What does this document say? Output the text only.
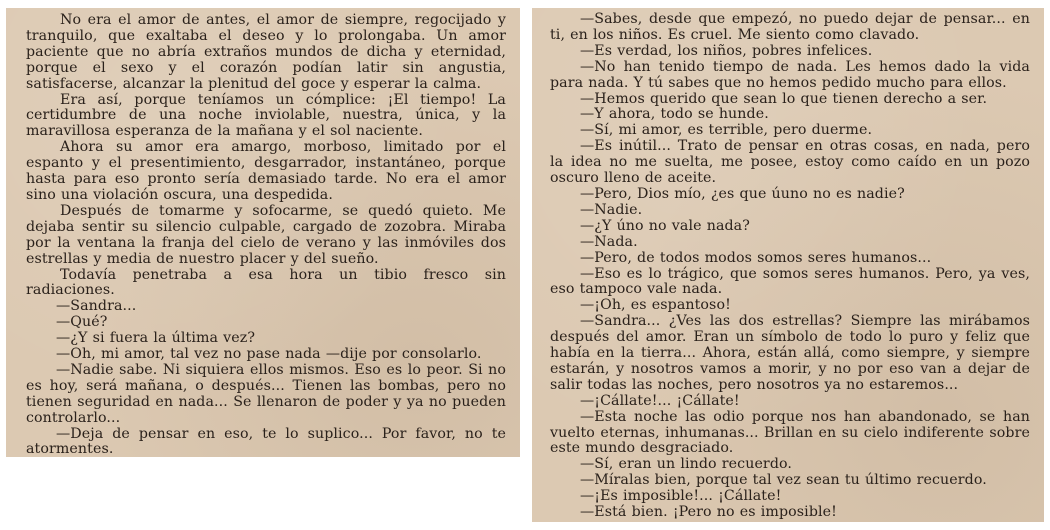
No era el amor de antes, el amor de siempre, regocijado y tranquilo, que exaltaba el deseo y lo prolongaba. Un amor paciente que no abría extraños mundos de dicha y eternidad, porque el sexo y el corazón podían latir sin angustia, satisfacerse, alcanzar la plenitud del goce y esperar la calma.

Era así, porque teníamos un cómplice: ¡El tiempo! La certidumbre de una noche inviolable, nuestra, única, y la maravillosa esperanza de la mañana y el sol naciente.

Ahora su amor era amargo, morboso, limitado por el espanto y el presentimiento, desgarrador, instantáneo, porque hasta para eso pronto sería demasiado tarde. No era el amor sino una violación oscura, una despedida.

Después de tomarme y sofocarme, se quedó quieto. Me dejaba sentir su silencio culpable, cargado de zozobra. Miraba por la ventana la franja del cielo de verano y las inmóviles dos estrellas y media de nuestro placer y del sueño.

Todavía penetraba a esa hora un tibio fresco sin radiaciones.

—Sandra...

—Qué?

—¿Y si fuera la última vez?

—Oh, mi amor, tal vez no pase nada —dije por consolarlo.

—Nadie sabe. Ni siquiera ellos mismos. Eso es lo peor. Si no es hoy, será mañana, o después... Tienen las bombas, pero no tienen seguridad en nada... Se llenaron de poder y ya no pueden controlarlo...

—Deja de pensar en eso, te lo suplico... Por favor, no te atormentes.

—Sabes, desde que empezó, no puedo dejar de pensar... en ti, en los niños. Es cruel. Me siento como clavado.

—Es verdad, los niños, pobres infelices.

—No han tenido tiempo de nada. Les hemos dado la vida para nada. Y tú sabes que no hemos pedido mucho para ellos.

—Hemos querido que sean lo que tienen derecho a ser.

—Y ahora, todo se hunde.

—Sí, mi amor, es terrible, pero duerme.

—Es inútil... Trato de pensar en otras cosas, en nada, pero la idea no me suelta, me posee, estoy como caído en un pozo oscuro lleno de aceite.

—Pero, Dios mío, ¿es que úuno no es nadie?

—Nadie.

—¿Y úno no vale nada?

—Nada.

—Pero, de todos modos somos seres humanos...

—Eso es lo trágico, que somos seres humanos. Pero, ya ves, eso tampoco vale nada.

—¡Oh, es espantoso!

—Sandra... ¿Ves las dos estrellas? Siempre las mirábamos después del amor. Eran un símbolo de todo lo puro y feliz que había en la tierra... Ahora, están allá, como siempre, y siempre estarán, y nosotros vamos a morir, y no por eso van a dejar de salir todas las noches, pero nosotros ya no estaremos...

—¡Cállate!... ¡Cállate!

—Esta noche las odio porque nos han abandonado, se han vuelto eternas, inhumanas... Brillan en su cielo indiferente sobre este mundo desgraciado.

—Sí, eran un lindo recuerdo.

—Míralas bien, porque tal vez sean tu último recuerdo.

—¡Es imposible!... ¡Cállate!

—Está bien. ¡Pero no es imposible!
